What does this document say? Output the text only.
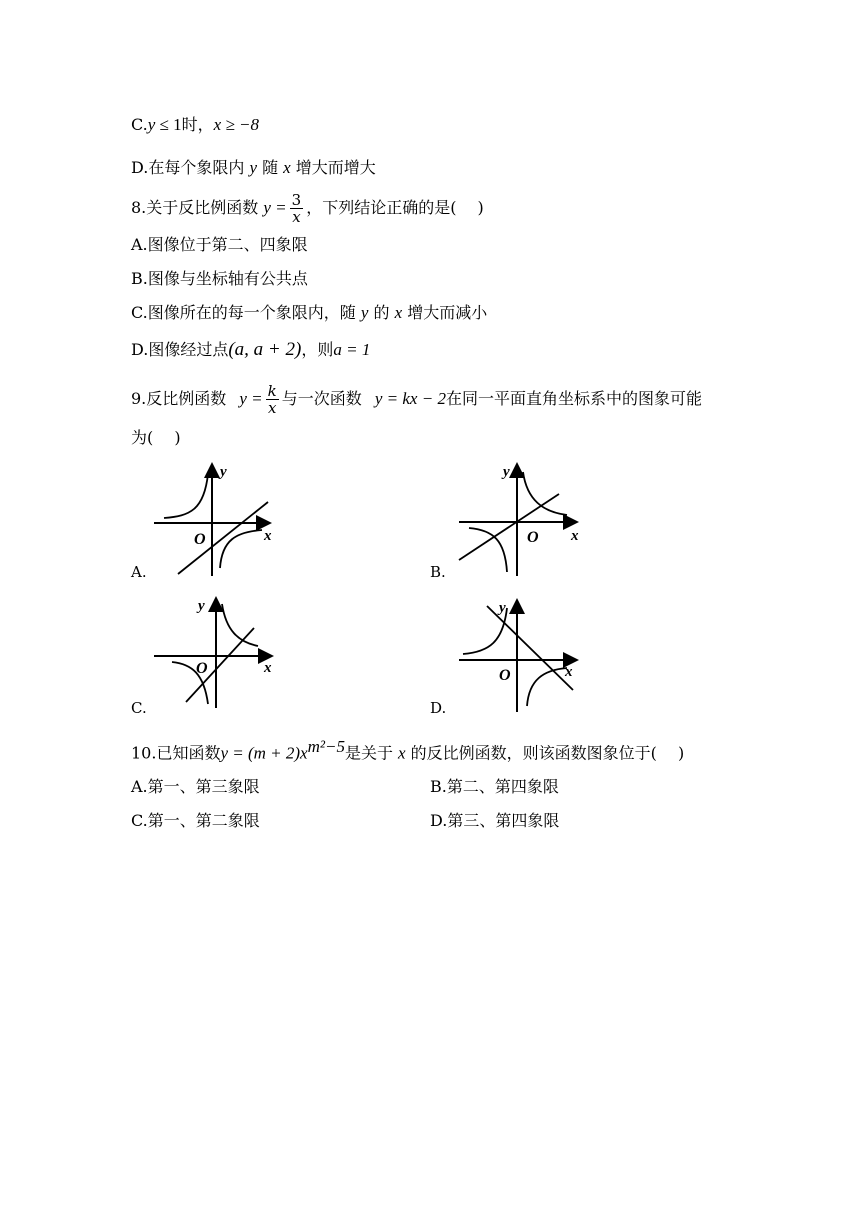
C.y ≤ 1时，x ≥ −8
D.在每个象限内 y 随 x 增大而增大
8.关于反比例函数 $y = \frac{3}{x}$ ，下列结论正确的是(　 )
A.图像位于第二、四象限
B.图像与坐标轴有公共点
C.图像所在的每一个象限内，随 y 的 x 增大而减小
D.图像经过点(a, a + 2)，则a = 1
9.反比例函数 $y = \frac{k}{x}$ 与一次函数 y = kx − 2在同一平面直角坐标系中的图象可能
为(　 )
y
x
O
A.
y
x
O
B.
y
x
O
C.
y
x
O
D.
10.已知函数$y = (m + 2)x^{m^2-5}$是关于 x 的反比例函数，则该函数图象位于(　 )
A.第一、第三象限	B.第二、第四象限
C.第一、第二象限	D.第三、第四象限
